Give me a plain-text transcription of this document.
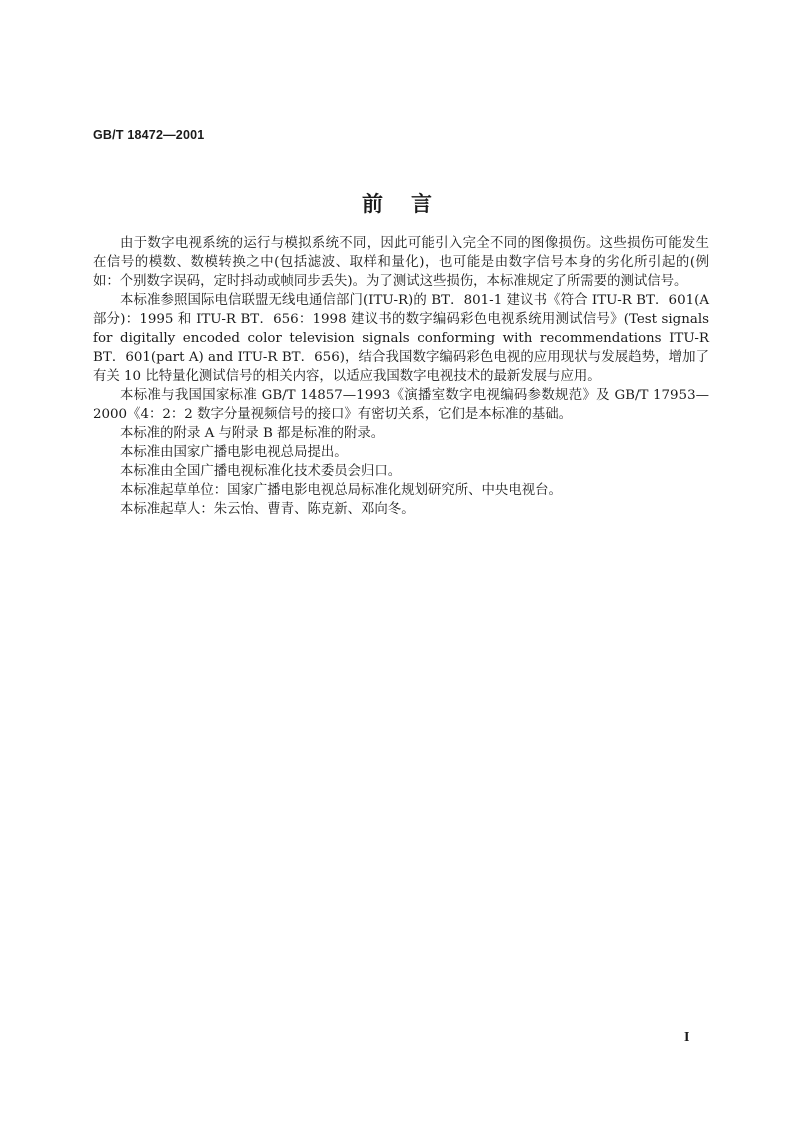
GB/T 18472—2001
前言

由于数字电视系统的运行与模拟系统不同，因此可能引入完全不同的图像损伤。这些损伤可能发生在信号的模数、数模转换之中(包括滤波、取样和量化)，也可能是由数字信号本身的劣化所引起的(例如：个别数字误码，定时抖动或帧同步丢失)。为了测试这些损伤，本标准规定了所需要的测试信号。

本标准参照国际电信联盟无线电通信部门(ITU-R)的 BT．801-1 建议书《符合 ITU-R BT．601(A 部分)：1995 和 ITU-R BT．656：1998 建议书的数字编码彩色电视系统用测试信号》(Test signals for digitally encoded color television signals conforming with recommendations ITU-R BT．601(part A) and ITU-R BT．656)，结合我国数字编码彩色电视的应用现状与发展趋势，增加了有关 10 比特量化测试信号的相关内容，以适应我国数字电视技术的最新发展与应用。

本标准与我国国家标准 GB/T 14857—1993《演播室数字电视编码参数规范》及 GB/T 17953—2000《4：2：2 数字分量视频信号的接口》有密切关系，它们是本标准的基础。

本标准的附录 A 与附录 B 都是标准的附录。

本标准由国家广播电影电视总局提出。

本标准由全国广播电视标准化技术委员会归口。

本标准起草单位：国家广播电影电视总局标准化规划研究所、中央电视台。

本标准起草人：朱云怡、曹青、陈克新、邓向冬。

I
